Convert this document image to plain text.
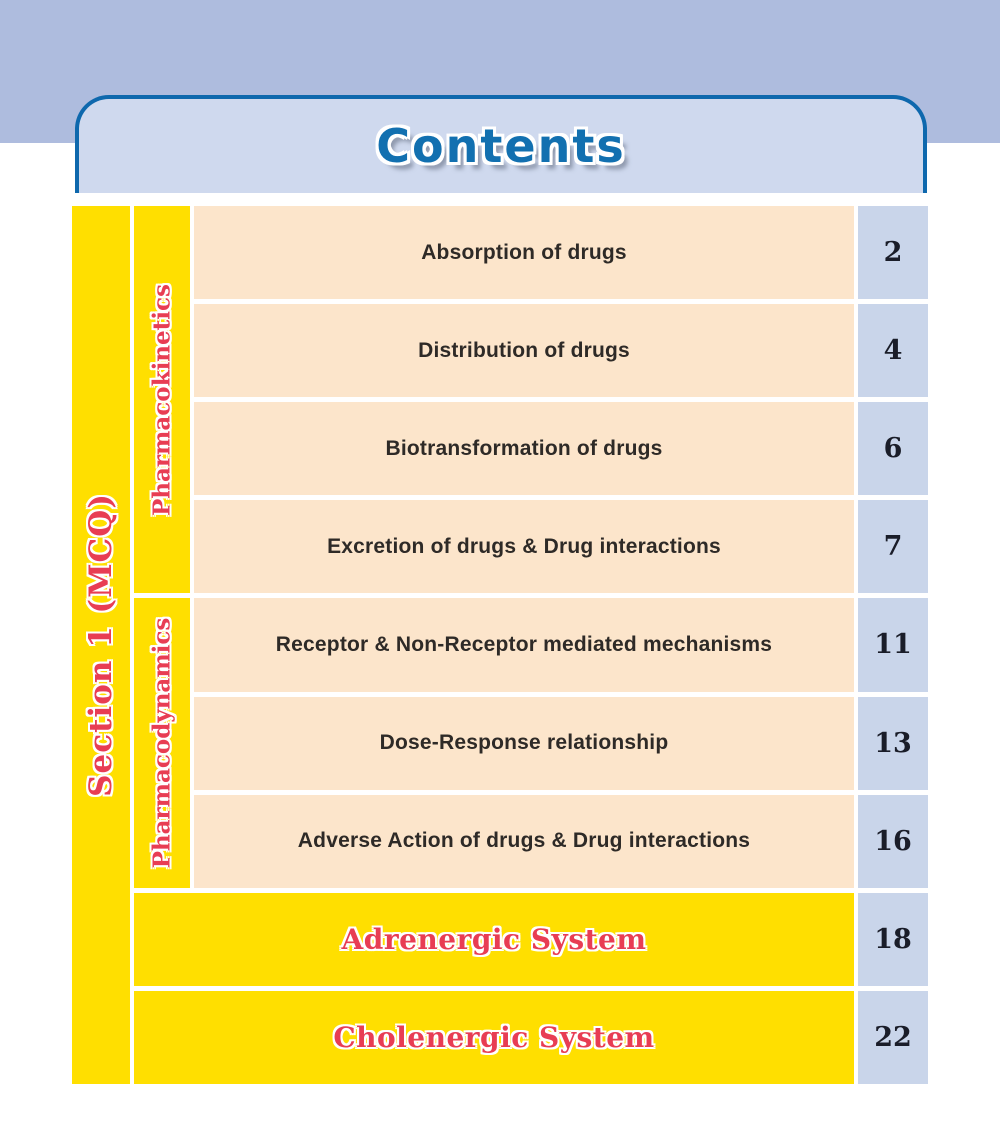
Contents
Section 1 (MCQ)
Pharmacokinetics
Pharmacodynamics
Absorption of drugs
Distribution of drugs
Biotransformation of drugs
Excretion of drugs & Drug interactions
Receptor & Non-Receptor mediated mechanisms
Dose-Response relationship
Adverse Action of drugs & Drug interactions
Adrenergic System
Cholenergic System
2
4
6
7
11
13
16
18
22
